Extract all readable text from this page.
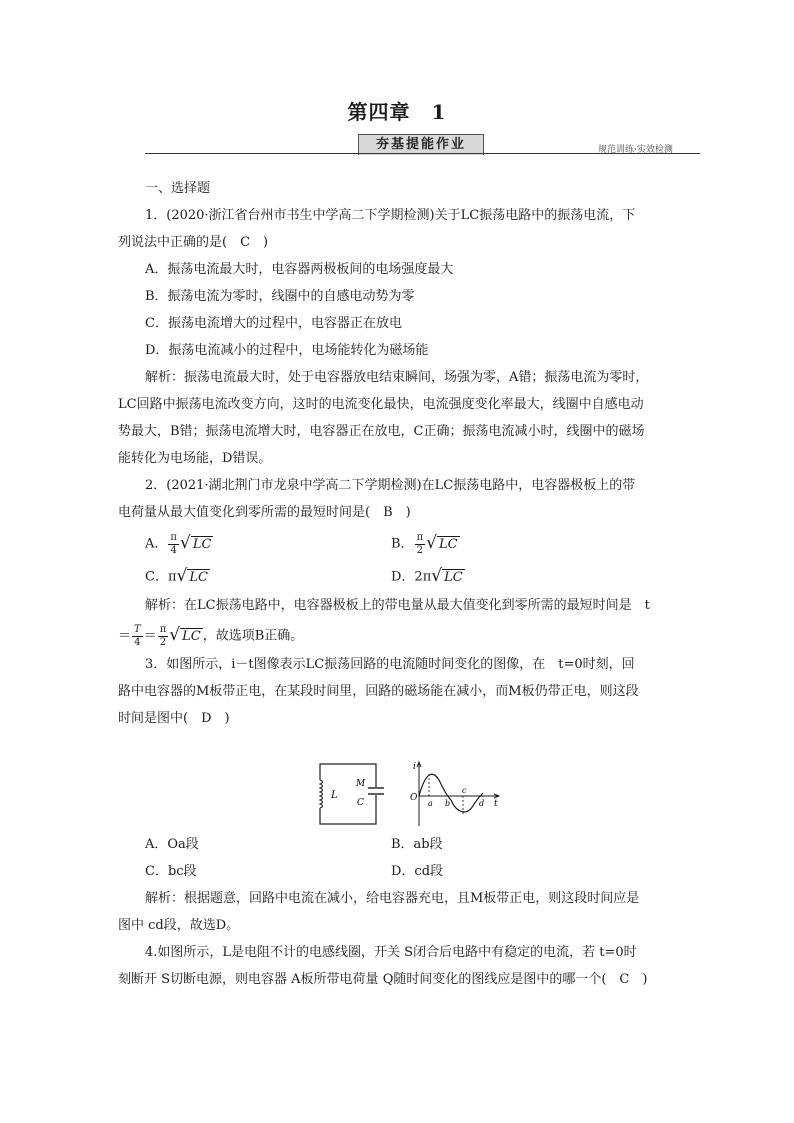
第四章　1
夯基提能作业	规范训练·实效检测
一、选择题
1．(2020·浙江省台州市书生中学高二下学期检测)关于LC振荡电路中的振荡电流，下
列说法中正确的是(　C　)
A．振荡电流最大时，电容器两极板间的电场强度最大
B．振荡电流为零时，线圈中的自感电动势为零
C．振荡电流增大的过程中，电容器正在放电
D．振荡电流减小的过程中，电场能转化为磁场能
解析：振荡电流最大时，处于电容器放电结束瞬间，场强为零，A错；振荡电流为零时，
LC回路中振荡电流改变方向，这时的电流变化最快，电流强度变化率最大，线圈中自感电动
势最大，B错；振荡电流增大时，电容器正在放电，C正确；振荡电流减小时，线圈中的磁场
能转化为电场能，D错误。
2．(2021·湖北荆门市龙泉中学高二下学期检测)在LC振荡电路中，电容器极板上的带
电荷量从最大值变化到零所需的最短时间是(　B　)
A． $\frac{\pi}{4}$ √ LC	B． $\frac{\pi}{2}$ √ LC
C．π√ LC	D．2π√ LC
解析：在LC振荡电路中，电容器极板上的带电量从最大值变化到零所需的最短时间是　t
＝ $\frac{T}{4} = \frac{\pi}{2}$ √ LC ，故选项B正确。
3．如图所示，i－t图像表示LC振荡回路的电流随时间变化的图像，在　t=0时刻，回
路中电容器的M板带正电，在某段时间里，回路的磁场能在减小，而M板仍带正电，则这段
时间是图中(　D　)
A．Oa段	B．ab段
C．bc段	D．cd段
解析：根据题意，回路中电流在减小，给电容器充电，且M板带正电，则这段时间应是
图中 cd段，故选D。
4.如图所示，L是电阻不计的电感线圈，开关 S闭合后电路中有稳定的电流，若 t=0时
刻断开 S切断电源，则电容器 A板所带电荷量 Q随时间变化的图线应是图中的哪一个(　C　)
L
M
C	O
i
a b
c
d t
